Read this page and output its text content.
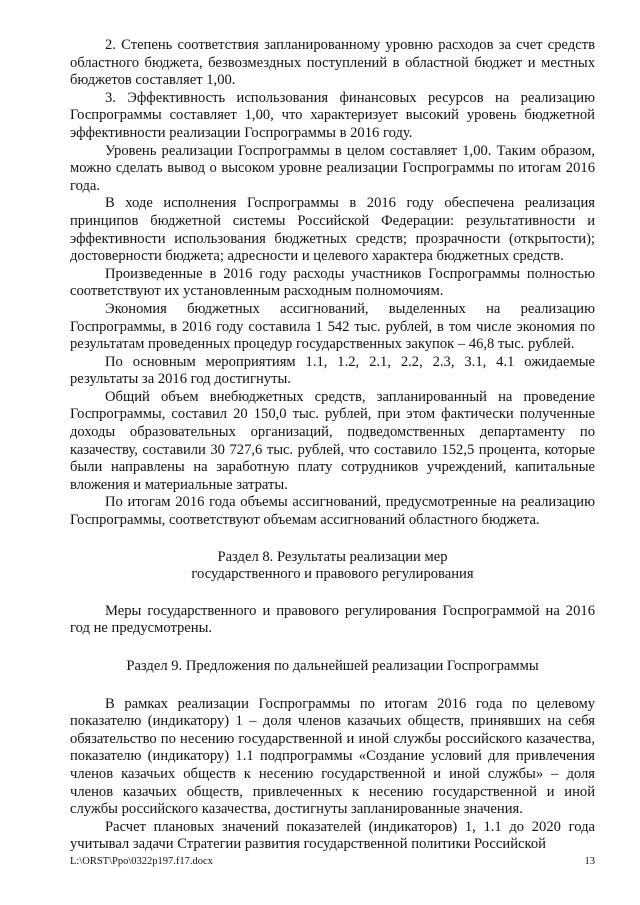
2. Степень соответствия запланированному уровню расходов за счет средств областного бюджета, безвозмездных поступлений в областной бюджет и местных бюджетов составляет 1,00.

3. Эффективность использования финансовых ресурсов на реализацию Госпрограммы составляет 1,00, что характеризует высокий уровень бюджетной эффективности реализации Госпрограммы в 2016 году.

Уровень реализации Госпрограммы в целом составляет 1,00. Таким образом, можно сделать вывод о высоком уровне реализации Госпрограммы по итогам 2016 года.

В ходе исполнения Госпрограммы в 2016 году обеспечена реализация принципов бюджетной системы Российской Федерации: результативности и эффективности использования бюджетных средств; прозрачности (открытости); достоверности бюджета; адресности и целевого характера бюджетных средств.

Произведенные в 2016 году расходы участников Госпрограммы полностью соответствуют их установленным расходным полномочиям.

Экономия бюджетных ассигнований, выделенных на реализацию Госпрограммы, в 2016 году составила 1 542 тыс. рублей, в том числе экономия по результатам проведенных процедур государственных закупок – 46,8 тыс. рублей.

По основным мероприятиям 1.1, 1.2, 2.1, 2.2, 2.3, 3.1, 4.1 ожидаемые результаты за 2016 год достигнуты.

Общий объем внебюджетных средств, запланированный на проведение Госпрограммы, составил 20 150,0 тыс. рублей, при этом фактически полученные доходы образовательных организаций, подведомственных департаменту по казачеству, составили 30 727,6 тыс. рублей, что составило 152,5 процента, которые были направлены на заработную плату сотрудников учреждений, капитальные вложения и материальные затраты.

По итогам 2016 года объемы ассигнований, предусмотренные на реализацию Госпрограммы, соответствуют объемам ассигнований областного бюджета.

Раздел 8. Результаты реализации мер
государственного и правового регулирования

Меры государственного и правового регулирования Госпрограммой на 2016 год не предусмотрены.

Раздел 9. Предложения по дальнейшей реализации Госпрограммы

В рамках реализации Госпрограммы по итогам 2016 года по целевому показателю (индикатору) 1 – доля членов казачьих обществ, принявших на себя обязательство по несению государственной и иной службы российского казачества, показателю (индикатору) 1.1 подпрограммы «Создание условий для привлечения членов казачьих обществ к несению государственной и иной службы» – доля членов казачьих обществ, привлеченных к несению государственной и иной службы российского казачества, достигнуты запланированные значения.

Расчет плановых значений показателей (индикаторов) 1, 1.1 до 2020 года учитывал задачи Стратегии развития государственной политики Российской

L:\ORST\Ppo\0322p197.f17.docx	13
